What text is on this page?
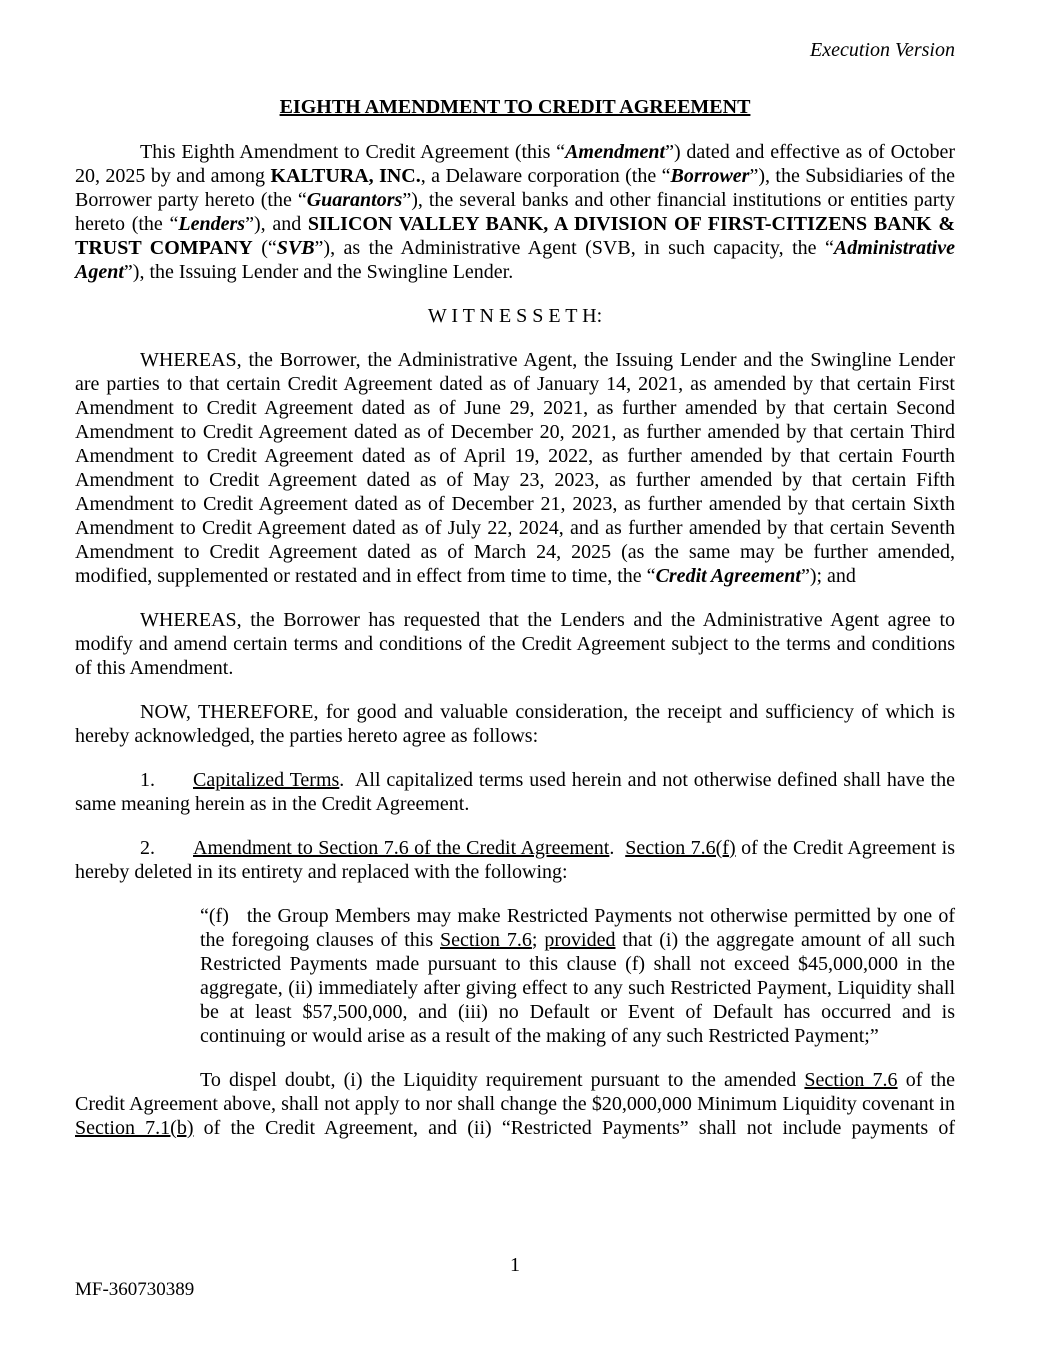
Execution Version
EIGHTH AMENDMENT TO CREDIT AGREEMENT

This Eighth Amendment to Credit Agreement (this “Amendment”) dated and effective as of October 20, 2025 by and among KALTURA, INC., a Delaware corporation (the “Borrower”), the Subsidiaries of the Borrower party hereto (the “Guarantors”), the several banks and other financial institutions or entities party hereto (the “Lenders”), and SILICON VALLEY BANK, A DIVISION OF FIRST-CITIZENS BANK & TRUST COMPANY (“SVB”), as the Administrative Agent (SVB, in such capacity, the “Administrative Agent”), the Issuing Lender and the Swingline Lender.

W I T N E S S E T H:

WHEREAS, the Borrower, the Administrative Agent, the Issuing Lender and the Swingline Lender are parties to that certain Credit Agreement dated as of January 14, 2021, as amended by that certain First Amendment to Credit Agreement dated as of June 29, 2021, as further amended by that certain Second Amendment to Credit Agreement dated as of December 20, 2021, as further amended by that certain Third Amendment to Credit Agreement dated as of April 19, 2022, as further amended by that certain Fourth Amendment to Credit Agreement dated as of May 23, 2023, as further amended by that certain Fifth Amendment to Credit Agreement dated as of December 21, 2023, as further amended by that certain Sixth Amendment to Credit Agreement dated as of July 22, 2024, and as further amended by that certain Seventh Amendment to Credit Agreement dated as of March 24, 2025 (as the same may be further amended, modified, supplemented or restated and in effect from time to time, the “Credit Agreement”); and

WHEREAS, the Borrower has requested that the Lenders and the Administrative Agent agree to modify and amend certain terms and conditions of the Credit Agreement subject to the terms and conditions of this Amendment.

NOW, THEREFORE, for good and valuable consideration, the receipt and sufficiency of which is hereby acknowledged, the parties hereto agree as follows:

1. Capitalized Terms.  All capitalized terms used herein and not otherwise defined shall have the same meaning herein as in the Credit Agreement.

2. Amendment to Section 7.6 of the Credit Agreement.  Section 7.6(f) of the Credit Agreement is hereby deleted in its entirety and replaced with the following:

“(f) the Group Members may make Restricted Payments not otherwise permitted by one of the foregoing clauses of this Section 7.6; provided that (i) the aggregate amount of all such Restricted Payments made pursuant to this clause (f) shall not exceed $45,000,000 in the aggregate, (ii) immediately after giving effect to any such Restricted Payment, Liquidity shall be at least $57,500,000, and (iii) no Default or Event of Default has occurred and is continuing or would arise as a result of the making of any such Restricted Payment;”

To dispel doubt, (i) the Liquidity requirement pursuant to the amended Section 7.6 of the Credit Agreement above, shall not apply to nor shall change the $20,000,000 Minimum Liquidity covenant in Section 7.1(b) of the Credit Agreement, and (ii) “Restricted Payments” shall not include payments of

1
MF-360730389
